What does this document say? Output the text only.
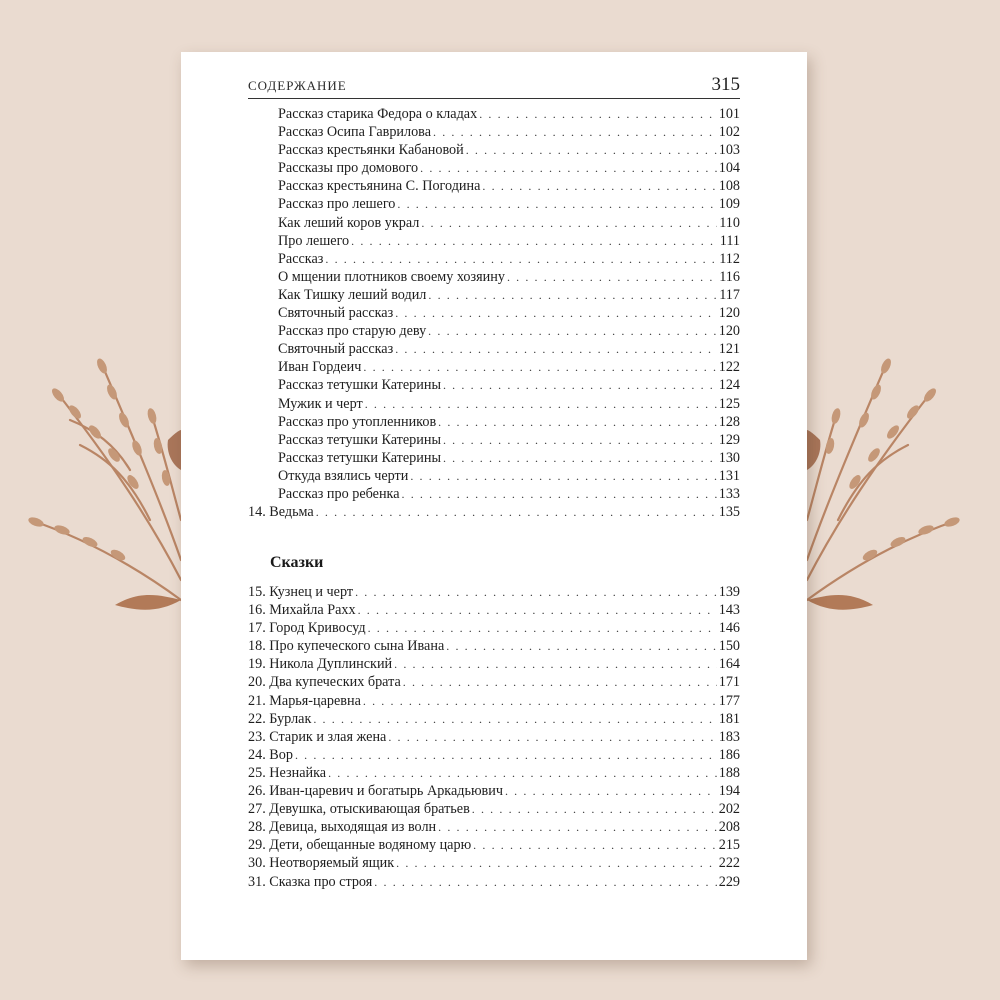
СОДЕРЖАНИЕ	315
Рассказ старика Федора о кладах . . .	101
Рассказ Осипа Гаврилова . . .	102
Рассказ крестьянки Кабановой . . .	103
Рассказы про домового . . .	104
Рассказ крестьянина С. Погодина . . .	108
Рассказ про лешего . . .	109
Как леший коров украл . . .	110
Про лешего . . .	111
Рассказ . . .	112
О мщении плотников своему хозяину . . .	116
Как Тишку леший водил . . .	117
Святочный рассказ . . .	120
Рассказ про старую деву . . .	120
Святочный рассказ . . .	121
Иван Гордеич . . .	122
Рассказ тетушки Катерины . . .	124
Мужик и черт . . .	125
Рассказ про утопленников . . .	128
Рассказ тетушки Катерины . . .	129
Рассказ тетушки Катерины . . .	130
Откуда взялись черти . . .	131
Рассказ про ребенка . . .	133
14. Ведьма . . .	135
Сказки
15. Кузнец и черт . . .	139
16. Михайла Рахх . . .	143
17. Город Кривосуд . . .	146
18. Про купеческого сына Ивана . . .	150
19. Никола Дуплинский . . .	164
20. Два купеческих брата . . .	171
21. Марья-царевна . . .	177
22. Бурлак . . .	181
23. Старик и злая жена . . .	183
24. Вор . . .	186
25. Незнайка . . .	188
26. Иван-царевич и богатырь Аркадьювич . . .	194
27. Девушка, отыскивающая братьев . . .	202
28. Девица, выходящая из волн . . .	208
29. Дети, обещанные водяному царю . . .	215
30. Неотворяемый ящик . . .	222
31. Сказка про строя . . .	229
